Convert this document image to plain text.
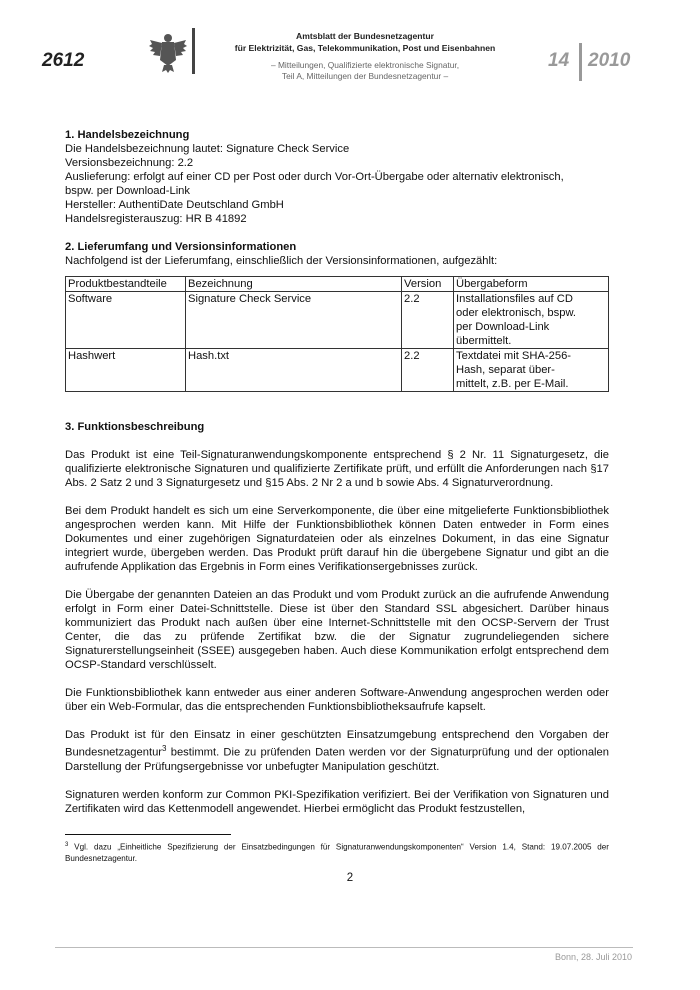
2612
Amtsblatt der Bundesnetzagentur
für Elektrizität, Gas, Telekommunikation, Post und Eisenbahnen
– Mitteilungen, Qualifizierte elektronische Signatur,
Teil A, Mitteilungen der Bundesnetzagentur –
14 2010

1. Handelsbezeichnung

Die Handelsbezeichnung lautet: Signature Check Service

Versionsbezeichnung: 2.2

Auslieferung: erfolgt auf einer CD per Post oder durch Vor-Ort-Übergabe oder alternativ elektronisch,

bspw. per Download-Link

Hersteller: AuthentiDate Deutschland GmbH

Handelsregisterauszug: HR B 41892

2. Lieferumfang und Versionsinformationen

Nachfolgend ist der Lieferumfang, einschließlich der Versionsinformationen, aufgezählt:

Produktbestandteile	Bezeichnung	Version	Übergabeform
Software	Signature Check Service	2.2	Installationsfiles auf CD
oder elektronisch, bspw.
per Download-Link
übermittelt.

Hashwert	Hash.txt	2.2	Textdatei mit SHA-256-
Hash, separat über-
mittelt, z.B. per E-Mail.

3. Funktionsbeschreibung

Das Produkt ist eine Teil-Signaturanwendungskomponente entsprechend § 2 Nr. 11 Signaturgesetz, die qualifizierte elektronische Signaturen und qualifizierte Zertifikate prüft, und erfüllt die Anforderungen nach §17 Abs. 2 Satz 2 und 3 Signaturgesetz und §15 Abs. 2 Nr 2 a und b sowie Abs. 4 Signaturverordnung.

Bei dem Produkt handelt es sich um eine Serverkomponente, die über eine mitgelieferte Funktionsbibliothek angesprochen werden kann. Mit Hilfe der Funktionsbibliothek können Daten entweder in Form eines Dokumentes und einer zugehörigen Signaturdateien oder als einzelnes Dokument, in das eine Signatur integriert wurde, übergeben werden. Das Produkt prüft darauf hin die übergebene Signatur und gibt an die aufrufende Applikation das Ergebnis in Form eines Verifikationsergebnisses zurück.

Die Übergabe der genannten Dateien an das Produkt und vom Produkt zurück an die aufrufende Anwendung erfolgt in Form einer Datei-Schnittstelle. Diese ist über den Standard SSL abgesichert. Darüber hinaus kommuniziert das Produkt nach außen über eine Internet-Schnittstelle mit den OCSP-Servern der Trust Center, die das zu prüfende Zertifikat bzw. die der Signatur zugrundeliegenden sichere Signaturerstellungseinheit (SSEE) ausgegeben haben. Auch diese Kommunikation erfolgt entsprechend dem OCSP-Standard verschlüsselt.

Die Funktionsbibliothek kann entweder aus einer anderen Software-Anwendung angesprochen werden oder über ein Web-Formular, das die entsprechenden Funktionsbibliotheksaufrufe kapselt.

Das Produkt ist für den Einsatz in einer geschützten Einsatzumgebung entsprechend den Vorgaben der Bundesnetzagentur$^3$ bestimmt. Die zu prüfenden Daten werden vor der Signaturprüfung und der optionalen Darstellung der Prüfungsergebnisse vor unbefugter Manipulation geschützt.

Signaturen werden konform zur Common PKI-Spezifikation verifiziert. Bei der Verifikation von Signaturen und Zertifikaten wird das Kettenmodell angewendet. Hierbei ermöglicht das Produkt festzustellen,

$^3$ Vgl. dazu „Einheitliche Spezifizierung der Einsatzbedingungen für Signaturanwendungskomponenten“ Version 1.4, Stand: 19.07.2005 der Bundesnetzagentur.
2
Bonn, 28. Juli 2010
